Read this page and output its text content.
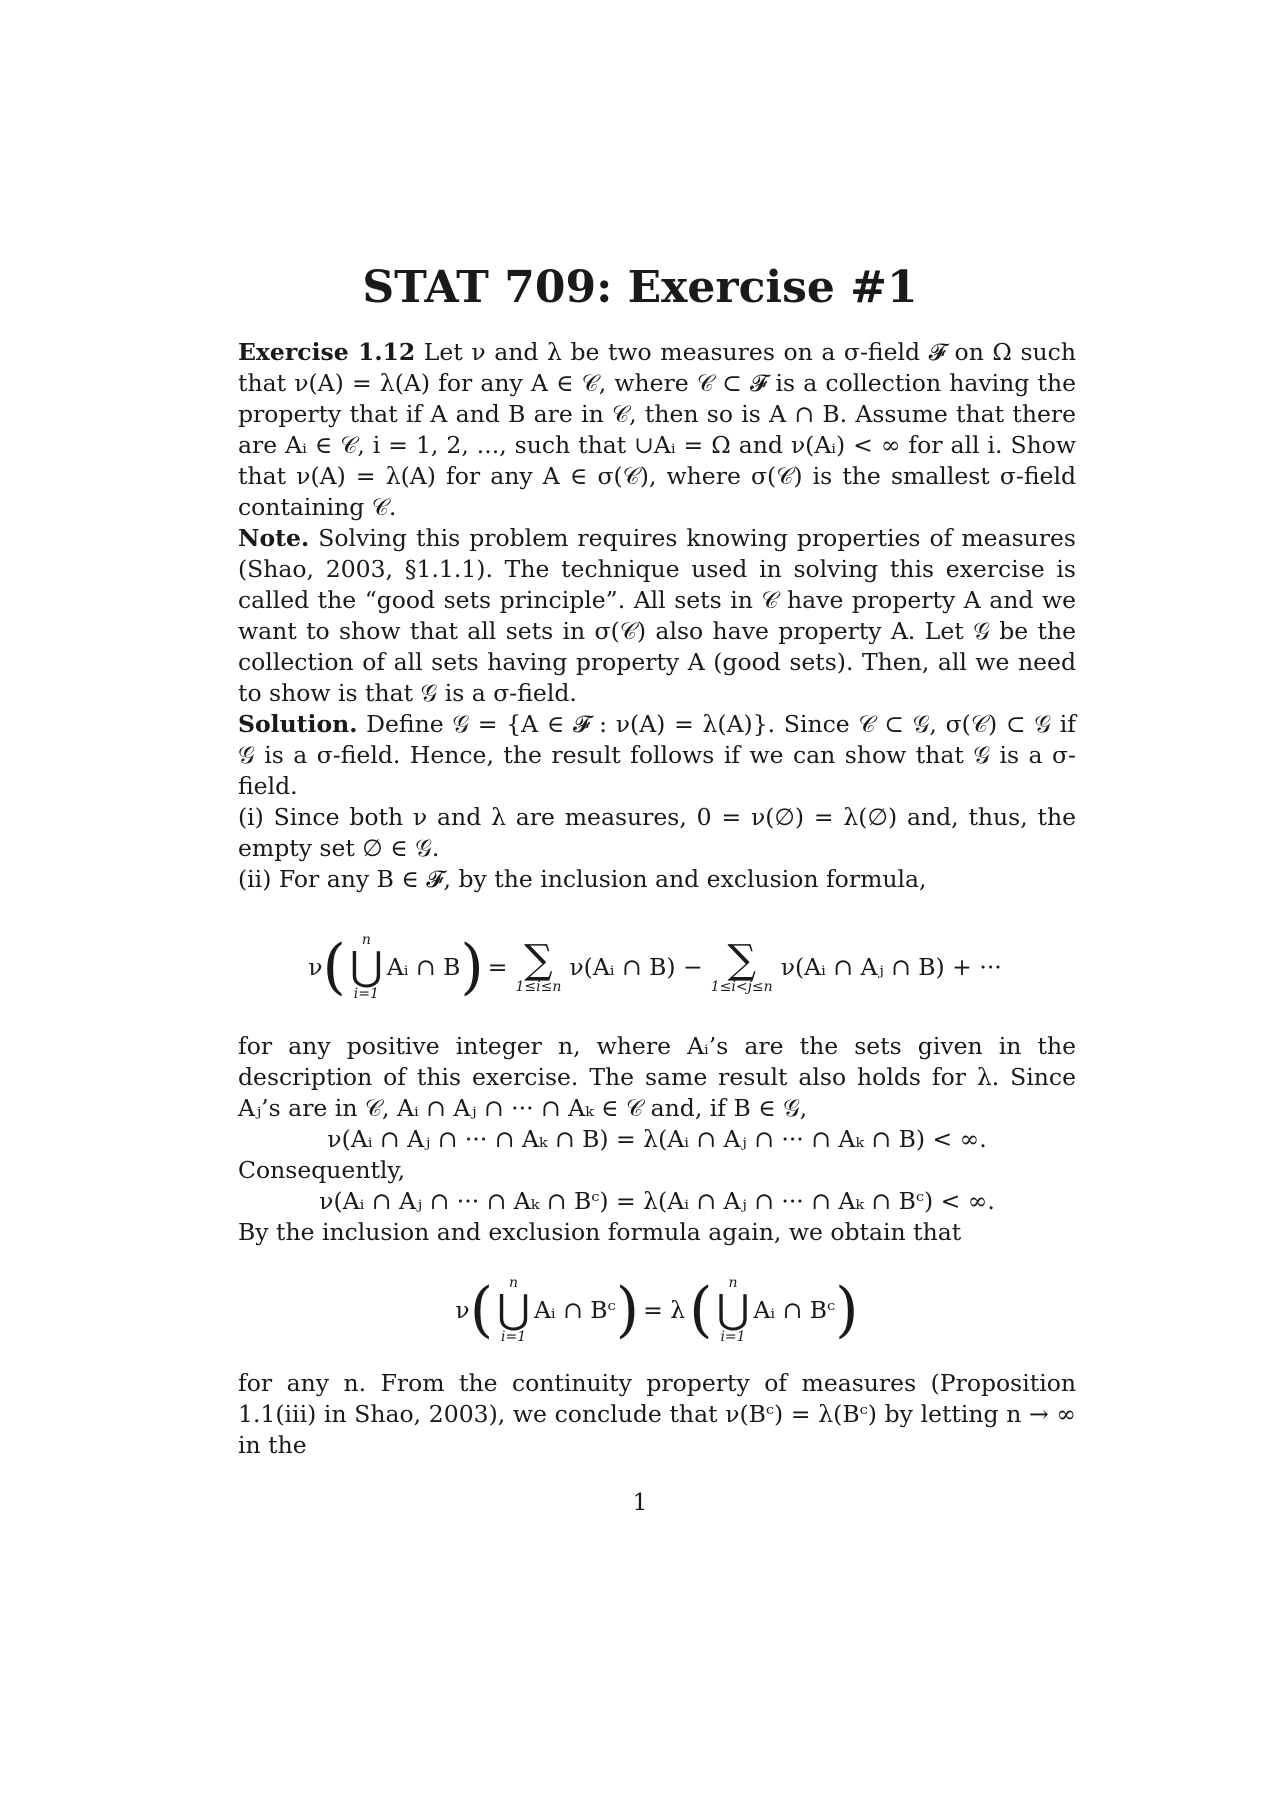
STAT 709: Exercise #1

Exercise 1.12 Let ν and λ be two measures on a σ-field 𝓕 on Ω such that ν(A) = λ(A) for any A ∈ 𝒞, where 𝒞 ⊂ 𝓕 is a collection having the property that if A and B are in 𝒞, then so is A ∩ B. Assume that there are Aᵢ ∈ 𝒞, i = 1, 2, ..., such that ∪Aᵢ = Ω and ν(Aᵢ) < ∞ for all i. Show that ν(A) = λ(A) for any A ∈ σ(𝒞), where σ(𝒞) is the smallest σ-field containing 𝒞.

Note. Solving this problem requires knowing properties of measures (Shao, 2003, §1.1.1). The technique used in solving this exercise is called the “good sets principle”. All sets in 𝒞 have property A and we want to show that all sets in σ(𝒞) also have property A. Let 𝒢 be the collection of all sets having property A (good sets). Then, all we need to show is that 𝒢 is a σ-field.

Solution. Define 𝒢 = {A ∈ 𝓕 : ν(A) = λ(A)}. Since 𝒞 ⊂ 𝒢, σ(𝒞) ⊂ 𝒢 if 𝒢 is a σ-field. Hence, the result follows if we can show that 𝒢 is a σ-field.

(i) Since both ν and λ are measures, 0 = ν(∅) = λ(∅) and, thus, the empty set ∅ ∈ 𝒢.

(ii) For any B ∈ 𝓕, by the inclusion and exclusion formula,

ν ( n
⋃
i=1
Aᵢ ∩ B ) = ∑
1≤i≤n
ν(Aᵢ ∩ B) − ∑
1≤i<j≤n
ν(Aᵢ ∩ Aⱼ ∩ B) + ···

for any positive integer n, where Aᵢ’s are the sets given in the description of this exercise. The same result also holds for λ. Since Aⱼ’s are in 𝒞, Aᵢ ∩ Aⱼ ∩ ··· ∩ Aₖ ∈ 𝒞 and, if B ∈ 𝒢,

ν(Aᵢ ∩ Aⱼ ∩ ··· ∩ Aₖ ∩ B) = λ(Aᵢ ∩ Aⱼ ∩ ··· ∩ Aₖ ∩ B) < ∞.

Consequently,

ν(Aᵢ ∩ Aⱼ ∩ ··· ∩ Aₖ ∩ Bᶜ) = λ(Aᵢ ∩ Aⱼ ∩ ··· ∩ Aₖ ∩ Bᶜ) < ∞.

By the inclusion and exclusion formula again, we obtain that

ν ( n
⋃
i=1
Aᵢ ∩ Bᶜ ) = λ ( n
⋃
i=1
Aᵢ ∩ Bᶜ )

for any n. From the continuity property of measures (Proposition 1.1(iii) in Shao, 2003), we conclude that ν(Bᶜ) = λ(Bᶜ) by letting n → ∞ in the

1
